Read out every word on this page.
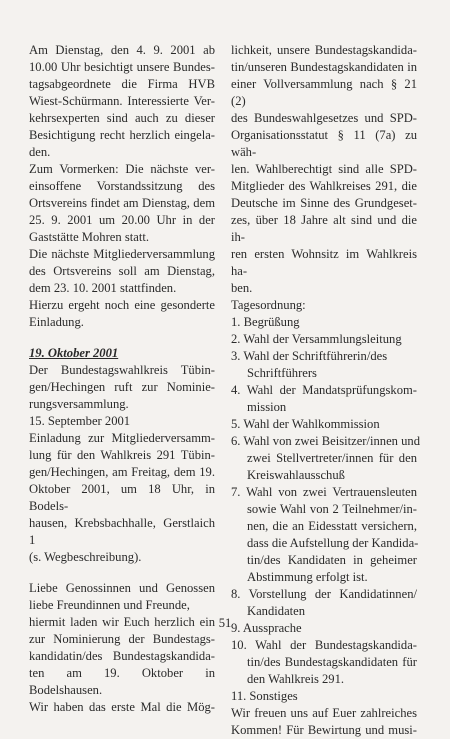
Am Dienstag, den 4. 9. 2001 ab
10.00 Uhr besichtigt unsere Bundes-
tagsabgeordnete die Firma HVB
Wiest-Schürmann. Interessierte Ver-
kehrsexperten sind auch zu dieser
Besichtigung recht herzlich eingela-
den.
Zum Vormerken: Die nächste ver-
einsoffene Vorstandssitzung des
Ortsvereins findet am Dienstag, dem
25. 9. 2001 um 20.00 Uhr in der
Gaststätte Mohren statt.
Die nächste Mitgliederversammlung
des Ortsvereins soll am Dienstag,
dem 23. 10. 2001 stattfinden.
Hierzu ergeht noch eine gesonderte
Einladung.
19. Oktober 2001
Der Bundestagswahlkreis Tübin-
gen/Hechingen ruft zur Nominie-
rungsversammlung.
15. September 2001
Einladung zur Mitgliederversamm-
lung für den Wahlkreis 291 Tübin-
gen/Hechingen, am Freitag, dem 19.
Oktober 2001, um 18 Uhr, in Bodels-
hausen, Krebsbachhalle, Gerstlaich 1
(s. Wegbeschreibung).
Liebe Genossinnen und Genossen
liebe Freundinnen und Freunde,
hiermit laden wir Euch herzlich ein
zur Nominierung der Bundestags-
kandidatin/des Bundestagskandida-
ten am 19. Oktober in Bodelshausen.
Wir haben das erste Mal die Mög-
lichkeit, unsere Bundestagskandida-
tin/unseren Bundestagskandidaten in
einer Vollversammlung nach § 21 (2)
des Bundeswahlgesetzes und SPD-
Organisationsstatut § 11 (7a) zu wäh-
len. Wahlberechtigt sind alle SPD-
Mitglieder des Wahlkreises 291, die
Deutsche im Sinne des Grundgeset-
zes, über 18 Jahre alt sind und die ih-
ren ersten Wohnsitz im Wahlkreis ha-
ben.
Tagesordnung:
1. Begrüßung
2. Wahl der Versammlungsleitung
3. Wahl der Schriftführerin/des
Schriftführers
4. Wahl der Mandatsprüfungskom-
mission
5. Wahl der Wahlkommission
6. Wahl von zwei Beisitzer/innen und
zwei Stellvertreter/innen für den
Kreiswahlausschuß
7. Wahl von zwei Vertrauensleuten
sowie Wahl von 2 Teilnehmer/in-
nen, die an Eidesstatt versichern,
dass die Aufstellung der Kandida-
tin/des Kandidaten in geheimer
Abstimmung erfolgt ist.
8. Vorstellung der Kandidatinnen/
Kandidaten
9. Aussprache
10. Wahl der Bundestagskandida-
tin/des Bundestagskandidaten für
den Wahlkreis 291.
11. Sonstiges
Wir freuen uns auf Euer zahlreiches
Kommen! Für Bewirtung und musi-
51
